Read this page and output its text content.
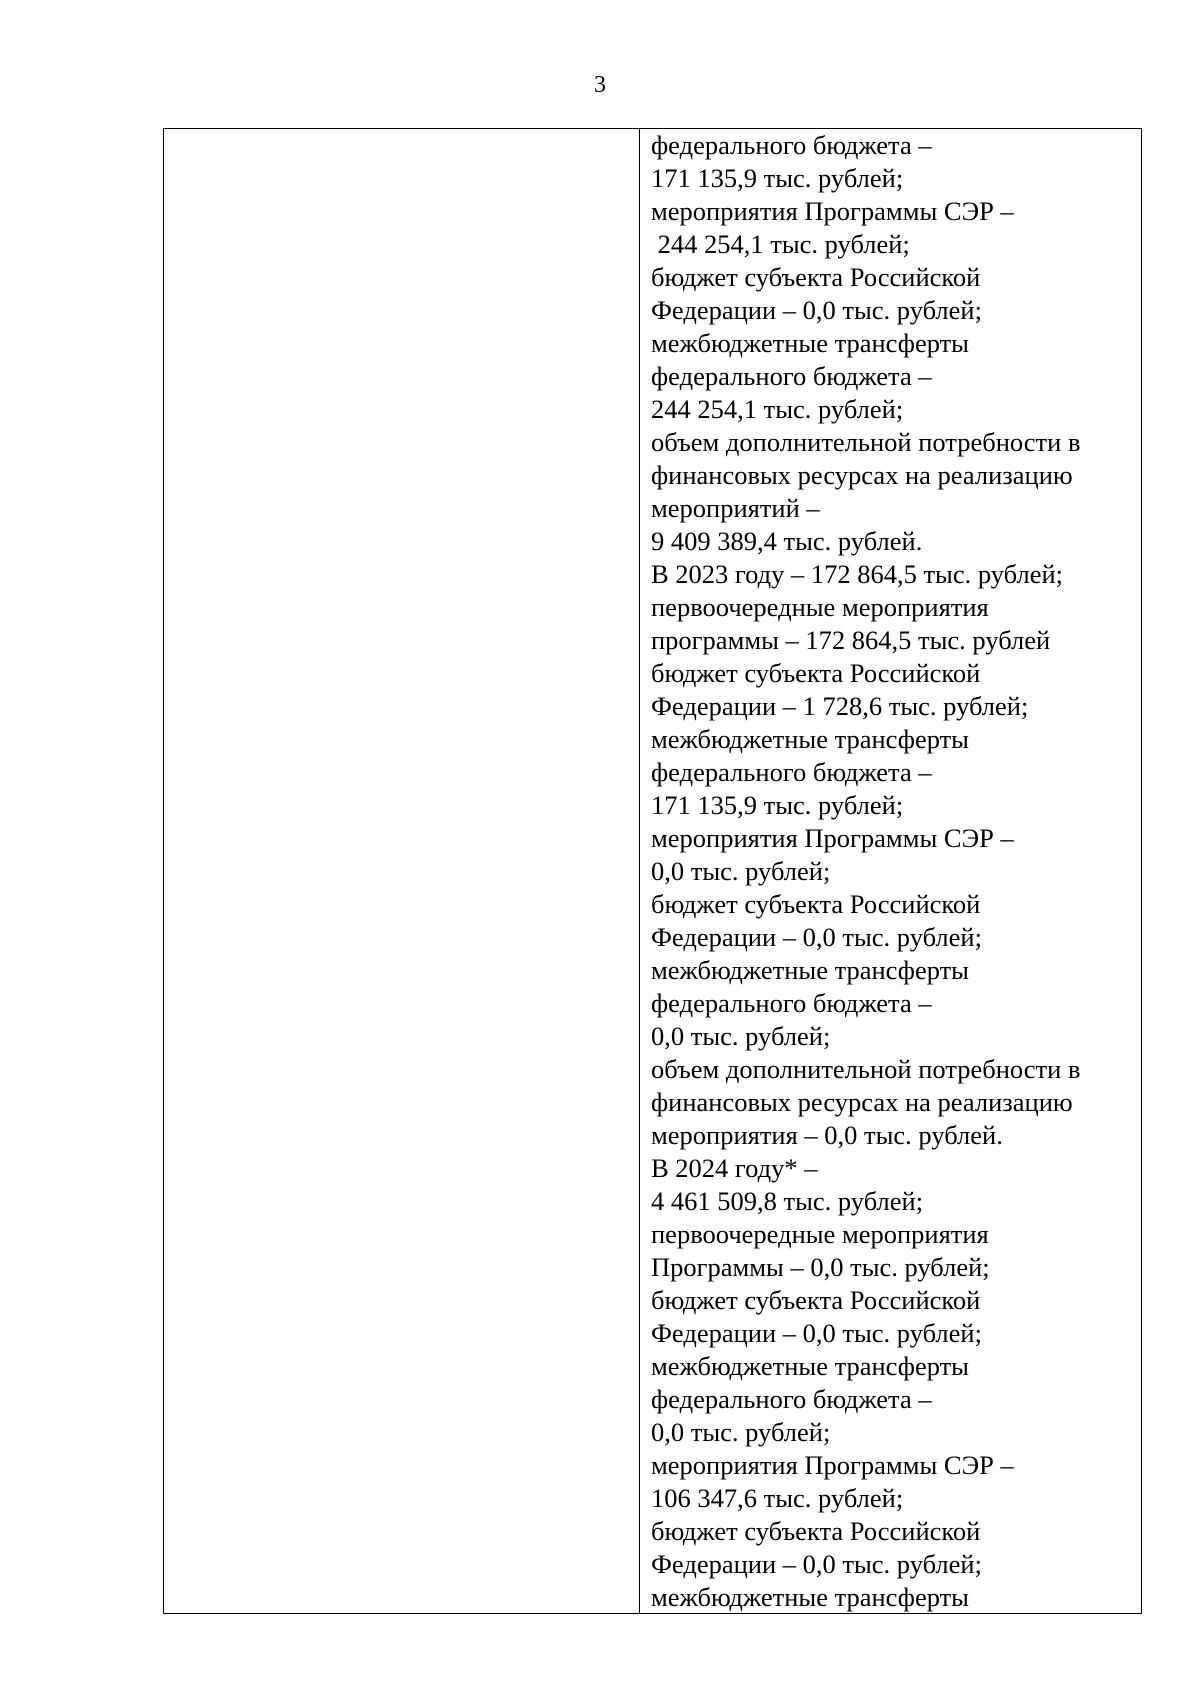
3
федерального бюджета –
171 135,9 тыс. рублей;
мероприятия Программы СЭР –
244 254,1 тыс. рублей;
бюджет субъекта Российской
Федерации – 0,0 тыс. рублей;
межбюджетные трансферты
федерального бюджета –
244 254,1 тыс. рублей;
объем дополнительной потребности в
финансовых ресурсах на реализацию
мероприятий –
9 409 389,4 тыс. рублей.
В 2023 году – 172 864,5 тыс. рублей;
первоочередные мероприятия
программы – 172 864,5 тыс. рублей
бюджет субъекта Российской
Федерации – 1 728,6 тыс. рублей;
межбюджетные трансферты
федерального бюджета –
171 135,9 тыс. рублей;
мероприятия Программы СЭР –
0,0 тыс. рублей;
бюджет субъекта Российской
Федерации – 0,0 тыс. рублей;
межбюджетные трансферты
федерального бюджета –
0,0 тыс. рублей;
объем дополнительной потребности в
финансовых ресурсах на реализацию
мероприятия – 0,0 тыс. рублей.
В 2024 году* –
4 461 509,8 тыс. рублей;
первоочередные мероприятия
Программы – 0,0 тыс. рублей;
бюджет субъекта Российской
Федерации – 0,0 тыс. рублей;
межбюджетные трансферты
федерального бюджета –
0,0 тыс. рублей;
мероприятия Программы СЭР –
106 347,6 тыс. рублей;
бюджет субъекта Российской
Федерации – 0,0 тыс. рублей;
межбюджетные трансферты
